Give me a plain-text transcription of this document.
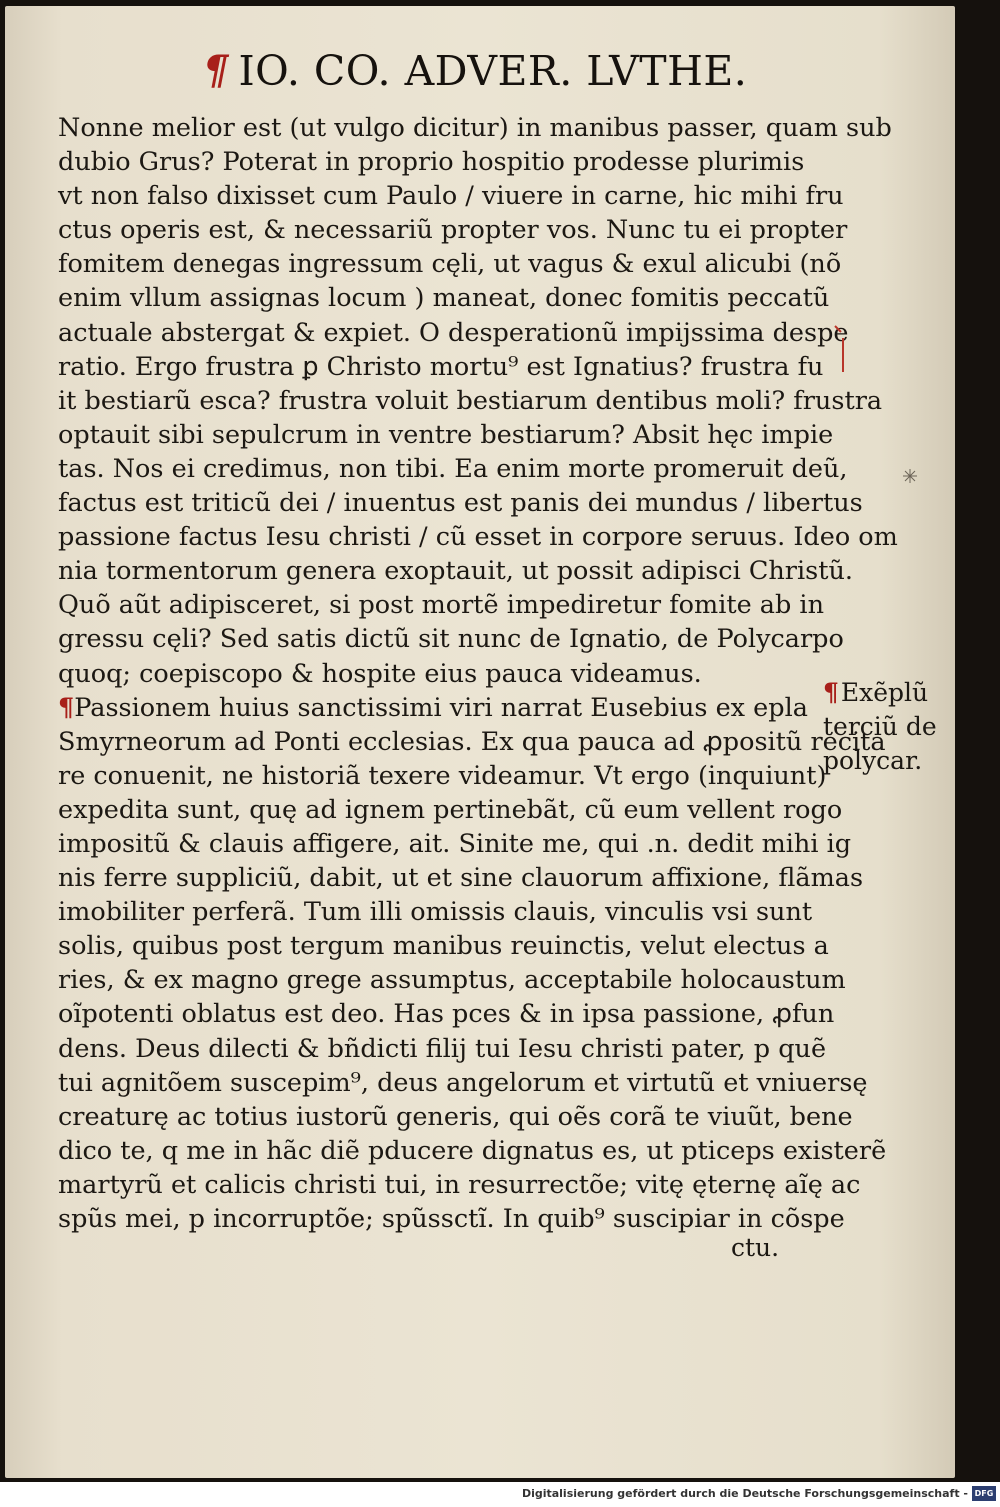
¶ IO. CO. ADVER. LVTHE.
Nonne melior est (ut vulgo dicitur) in manibus passer, quam sub
dubio Grus? Poterat in proprio hospitio prodesse plurimis
vt non falso dixisset cum Paulo / viuere in carne, hic mihi fru
ctus operis est, & necessariũ propter vos. Nunc tu ei propter
fomitem denegas ingressum cęli, ut vagus & exul alicubi (nõ
enim vllum assignas locum ) maneat, donec fomitis peccatũ
actuale abstergat & expiet. O desperationũ impijssima despe
ratio. Ergo frustra ꝑ Christo mortu⁹ est Ignatius? frustra fu
it bestiarũ esca? frustra voluit bestiarum dentibus moli? frustra
optauit sibi sepulcrum in ventre bestiarum? Absit hęc impie
tas. Nos ei credimus, non tibi. Ea enim morte promeruit deũ,
factus est triticũ dei / inuentus est panis dei mundus / libertus
passione factus Iesu christi / cũ esset in corpore seruus. Ideo om
nia tormentorum genera exoptauit, ut possit adipisci Christũ.
Quõ aũt adipisceret, si post mortẽ impediretur fomite ab in
gressu cęli? Sed satis dictũ sit nunc de Ignatio, de Polycarpo
quoq; coepiscopo & hospite eius pauca videamus.
¶Passionem huius sanctissimi viri narrat Eusebius ex epla
Smyrneorum ad Ponti ecclesias. Ex qua pauca ad ꝓpositũ recita
re conuenit, ne historiã texere videamur. Vt ergo (inquiunt)
expedita sunt, quę ad ignem pertinebãt, cũ eum vellent rogo
impositũ & clauis affigere, ait. Sinite me, qui .n. dedit mihi ig
nis ferre suppliciũ, dabit, ut et sine clauorum affixione, flãmas
imobiliter perferã. Tum illi omissis clauis, vinculis vsi sunt
solis, quibus post tergum manibus reuinctis, velut electus a
ries, & ex magno grege assumptus, acceptabile holocaustum
oĩpotenti oblatus est deo. Has pces & in ipsa passione, ꝓfun
dens. Deus dilecti & bñdicti filij tui Iesu christi pater, p quẽ
tui agnitõem suscepim⁹, deus angelorum et virtutũ et vniuersę
creaturę ac totius iustorũ generis, qui oẽs corã te viuũt, bene
dico te, q me in hãc diẽ pducere dignatus es, ut pticeps existerẽ
martyrũ et calicis christi tui, in resurrectõe; vitę ęternę aĩę ac
spũs mei, p incorruptõe; spũssctĩ. In quib⁹ suscipiar in cõspe
¶Exẽplũ
terciũ de
polycar.
ctu.
Digitalisierung gefördert durch die Deutsche Forschungsgemeinschaft - DFG
